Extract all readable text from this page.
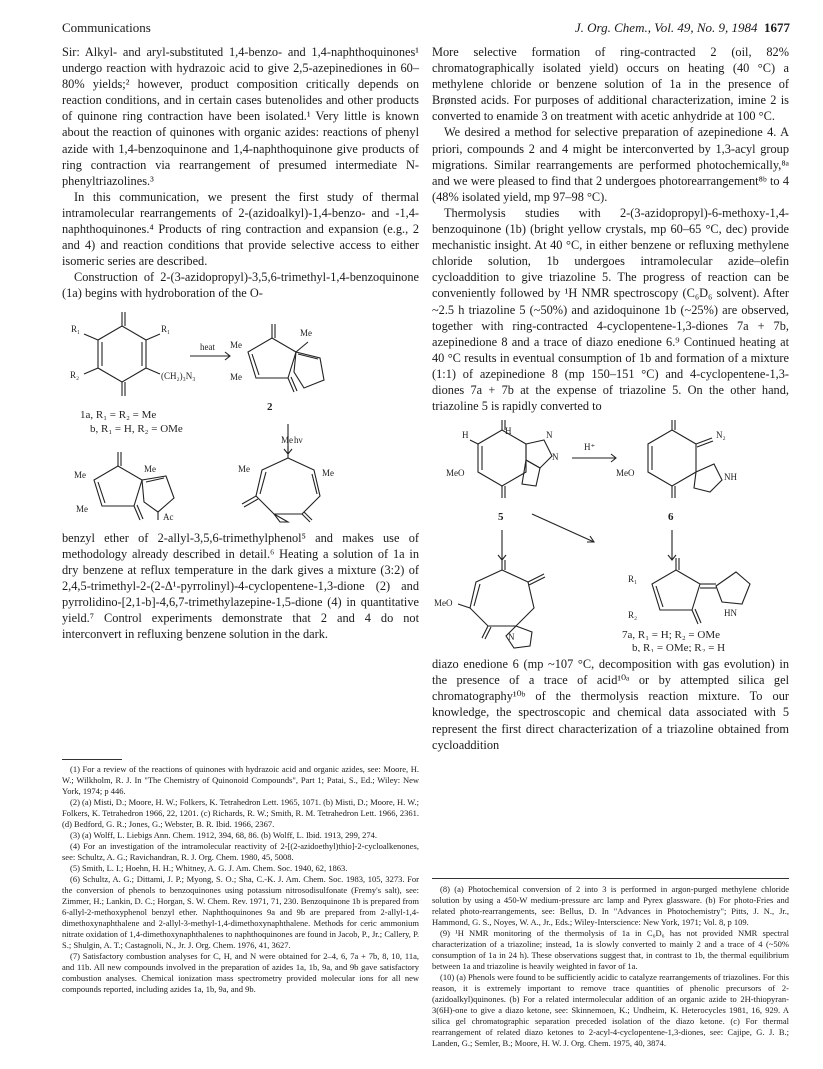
Communications	J. Org. Chem., Vol. 49, No. 9, 1984 1677

Sir: Alkyl- and aryl-substituted 1,4-benzo- and 1,4-naphthoquinones¹ undergo reaction with hydrazoic acid to give 2,5-azepinediones in 60–80% yields;² however, product composition critically depends on reaction conditions, and in certain cases butenolides and other products of quinone ring contraction have been isolated.¹ Very little is known about the reaction of quinones with organic azides: reactions of phenyl azide with 1,4-benzoquinone and 1,4-naphthoquinone give products of ring contraction via rearrangement of presumed intermediate N-phenyltriazolines.³

In this communication, we present the first study of thermal intramolecular rearrangements of 2-(azidoalkyl)-1,4-benzo- and -1,4-naphthoquinones.⁴ Products of ring contraction and expansion (e.g., 2 and 4) and reaction conditions that provide selective access to either isomeric series are described.

Construction of 2-(3-azidopropyl)-3,5,6-trimethyl-1,4-benzoquinone (1a) begins with hydroboration of the O-

R₁	R₁
R₂	(CH₂)₃N₃
heat
hν
Me
Me
Me
Me
Me
Me
Ac
Me
Me	Me
1a, R₁ = R₂ = Me
b, R₁ = H, R₂ = OMe
2

benzyl ether of 2-allyl-3,5,6-trimethylphenol⁵ and makes use of methodology already described in detail.⁶ Heating a solution of 1a in dry benzene at reflux temperature in the dark gives a mixture (3:2) of 2,4,5-trimethyl-2-(2-Δ¹-pyrrolinyl)-4-cyclopentene-1,3-dione (2) and pyrrolidino-[2,1-b]-4,6,7-trimethylazepine-1,5-dione (4) in quantitative yield.⁷ Control experiments demonstrate that 2 and 4 do not interconvert in refluxing benzene solution in the dark.

More selective formation of ring-contracted 2 (oil, 82% chromatographically isolated yield) occurs on heating (40 °C) a methylene chloride or benzene solution of 1a in the presence of Brønsted acids. For purposes of additional characterization, imine 2 is converted to enamide 3 on treatment with acetic anhydride at 100 °C.

We desired a method for selective preparation of azepinedione 4. A priori, compounds 2 and 4 might be interconverted by 1,3-acyl group migrations. Similar rearrangements are performed photochemically,⁸ᵃ and we were pleased to find that 2 undergoes photorearrangement⁸ᵇ to 4 (48% isolated yield, mp 97–98 °C).

Thermolysis studies with 2-(3-azidopropyl)-6-methoxy-1,4-benzoquinone (1b) (bright yellow crystals, mp 60–65 °C, dec) provide mechanistic insight. At 40 °C, in either benzene or refluxing methylene chloride solution, 1b undergoes intramolecular azide–olefin cycloaddition to give triazoline 5. The progress of reaction can be conveniently followed by ¹H NMR spectroscopy (C₆D₆ solvent). After ~2.5 h triazoline 5 (~50%) and azidoquinone 1b (~25%) are observed, together with ring-contracted 4-cyclopentene-1,3-diones 7a + 7b, azepinedione 8 and a trace of diazo enedione 6.⁹ Continued heating at 40 °C results in eventual consumption of 1b and formation of a mixture (1:1) of azepinedione 8 (mp 150–151 °C) and 4-cyclopentene-1,3-diones 7a + 7b at the expense of triazoline 5. On the other hand, triazoline 5 is rapidly converted to

H	H	N
N
MeO
H⁺
N₂
NH
MeO
MeO
R₁
R₂	HN
N
5	6
7a, R₁ = H; R₂ = OMe
b, R₁ = OMe; R₂ = H

diazo enedione 6 (mp ~107 °C, decomposition with gas evolution) in the presence of a trace of acid¹⁰ᵃ or by attempted silica gel chromatography¹⁰ᵇ of the thermolysis reaction mixture. To our knowledge, the spectroscopic and chemical data associated with 5 represent the first direct characterization of a triazoline obtained from cycloaddition

(1) For a review of the reactions of quinones with hydrazoic acid and organic azides, see: Moore, H. W.; Wilkholm, R. J. In "The Chemistry of Quinonoid Compounds", Part 1; Patai, S., Ed.; Wiley: New York, 1974; p 446.

(2) (a) Misti, D.; Moore, H. W.; Folkers, K. Tetrahedron Lett. 1965, 1071. (b) Misti, D.; Moore, H. W.; Folkers, K. Tetrahedron 1966, 22, 1201. (c) Richards, R. W.; Smith, R. M. Tetrahedron Lett. 1966, 2361. (d) Bedford, G. R.; Jones, G.; Webster, B. R. Ibid. 1966, 2367.

(3) (a) Wolff, L. Liebigs Ann. Chem. 1912, 394, 68, 86. (b) Wolff, L. Ibid. 1913, 299, 274.

(4) For an investigation of the intramolecular reactivity of 2-[(2-azidoethyl)thio]-2-cycloalkenones, see: Schultz, A. G.; Ravichandran, R. J. Org. Chem. 1980, 45, 5008.

(5) Smith, L. I.; Hoehn, H. H.; Whitney, A. G. J. Am. Chem. Soc. 1940, 62, 1863.

(6) Schultz, A. G.; Dittami, J. P.; Myong, S. O.; Sha, C.-K. J. Am. Chem. Soc. 1983, 105, 3273. For the conversion of phenols to benzoquinones using potassium nitrosodisulfonate (Fremy's salt), see: Zimmer, H.; Lankin, D. C.; Horgan, S. W. Chem. Rev. 1971, 71, 230. Benzoquinone 1b is prepared from 6-allyl-2-methoxyphenol benzyl ether. Naphthoquinones 9a and 9b are prepared from 2-allyl-1,4-dimethoxynaphthalene and 2-allyl-3-methyl-1,4-dimethoxynaphthalene. Methods for ceric ammonium nitrate oxidation of 1,4-dimethoxynaphthalenes to naphthoquinones are found in Jacob, P., Jr.; Callery, P. S.; Shulgin, A. T.; Castagnoli, N., Jr. J. Org. Chem. 1976, 41, 3627.

(7) Satisfactory combustion analyses for C, H, and N were obtained for 2–4, 6, 7a + 7b, 8, 10, 11a, and 11b. All new compounds involved in the preparation of azides 1a, 1b, 9a, and 9b gave satisfactory combustion analyses. Chemical ionization mass spectrometry provided molecular ions for all new compounds reported, including azides 1a, 1b, 9a, and 9b.

(8) (a) Photochemical conversion of 2 into 3 is performed in argon-purged methylene chloride solution by using a 450-W medium-pressure arc lamp and Pyrex glassware. (b) For photo-Fries and related photo-rearrangements, see: Bellus, D. In "Advances in Photochemistry"; Pitts, J. N., Jr., Hammond, G. S., Noyes, W. A., Jr., Eds.; Wiley-Interscience: New York, 1971; Vol. 8, p 109.

(9) ¹H NMR monitoring of the thermolysis of 1a in C₆D₆ has not provided NMR spectral characterization of a triazoline; instead, 1a is slowly converted to mainly 2 and a trace of 4 (~50% consumption of 1a in 24 h). These observations suggest that, in contrast to 1b, the thermal equilibrium between 1a and triazoline is heavily weighted in favor of 1a.

(10) (a) Phenols were found to be sufficiently acidic to catalyze rearrangements of triazolines. For this reason, it is extremely important to remove trace quantities of phenolic precursors of 2-(azidoalkyl)quinones. (b) For a related intermolecular addition of an organic azide to 2H-thiopyran-3(6H)-one to give a diazo ketone, see: Skinnemoen, K.; Undheim, K. Heterocycles 1981, 16, 929. A silica gel chromatographic separation preceded isolation of the diazo ketone. (c) For thermal rearrangement of related diazo ketones to 2-acyl-4-cyclopentene-1,3-diones, see: Cajipe, G. J. B.; Landen, G.; Semler, B.; Moore, H. W. J. Org. Chem. 1975, 40, 3874.
